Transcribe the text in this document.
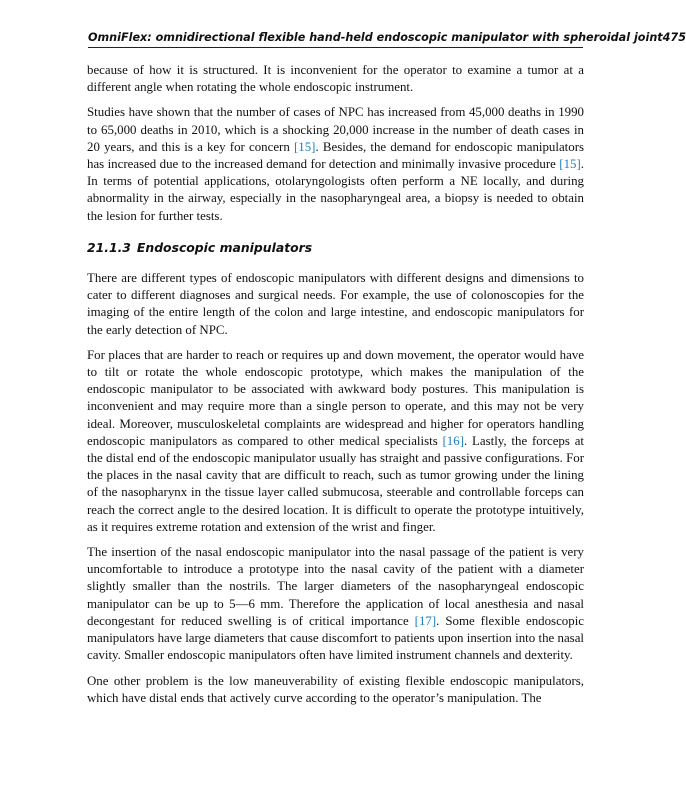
OmniFlex: omnidirectional flexible hand-held endoscopic manipulator with spheroidal joint 475

because of how it is structured. It is inconvenient for the operator to examine a tumor at a different angle when rotating the whole endoscopic instrument.

Studies have shown that the number of cases of NPC has increased from 45,000 deaths in 1990 to 65,000 deaths in 2010, which is a shocking 20,000 increase in the number of death cases in 20 years, and this is a key for concern [15]. Besides, the demand for endoscopic manipulators has increased due to the increased demand for detection and minimally invasive procedure [15]. In terms of potential applications, otolaryngologists often perform a NE locally, and during abnormality in the airway, especially in the nasopharyngeal area, a biopsy is needed to obtain the lesion for further tests.

21.1.3 Endoscopic manipulators

There are different types of endoscopic manipulators with different designs and dimensions to cater to different diagnoses and surgical needs. For example, the use of colonoscopies for the imaging of the entire length of the colon and large intestine, and endoscopic manipulators for the early detection of NPC.

For places that are harder to reach or requires up and down movement, the operator would have to tilt or rotate the whole endoscopic prototype, which makes the manipulation of the endoscopic manipulator to be associated with awkward body postures. This manipulation is inconvenient and may require more than a single person to operate, and this may not be very ideal. Moreover, musculoskeletal complaints are widespread and higher for operators handling endoscopic manipulators as compared to other medical specialists [16]. Lastly, the forceps at the distal end of the endoscopic manipulator usually has straight and passive configurations. For the places in the nasal cavity that are difficult to reach, such as tumor growing under the lining of the nasopharynx in the tissue layer called submucosa, steerable and controllable forceps can reach the correct angle to the desired location. It is difficult to operate the prototype intuitively, as it requires extreme rotation and extension of the wrist and finger.

The insertion of the nasal endoscopic manipulator into the nasal passage of the patient is very uncomfortable to introduce a prototype into the nasal cavity of the patient with a diameter slightly smaller than the nostrils. The larger diameters of the nasopharyngeal endoscopic manipulator can be up to 5—6 mm. Therefore the application of local anesthesia and nasal decongestant for reduced swelling is of critical importance [17]. Some flexible endoscopic manipulators have large diameters that cause discomfort to patients upon insertion into the nasal cavity. Smaller endoscopic manipulators often have limited instrument channels and dexterity.

One other problem is the low maneuverability of existing flexible endoscopic manipulators, which have distal ends that actively curve according to the operator’s manipulation. The
